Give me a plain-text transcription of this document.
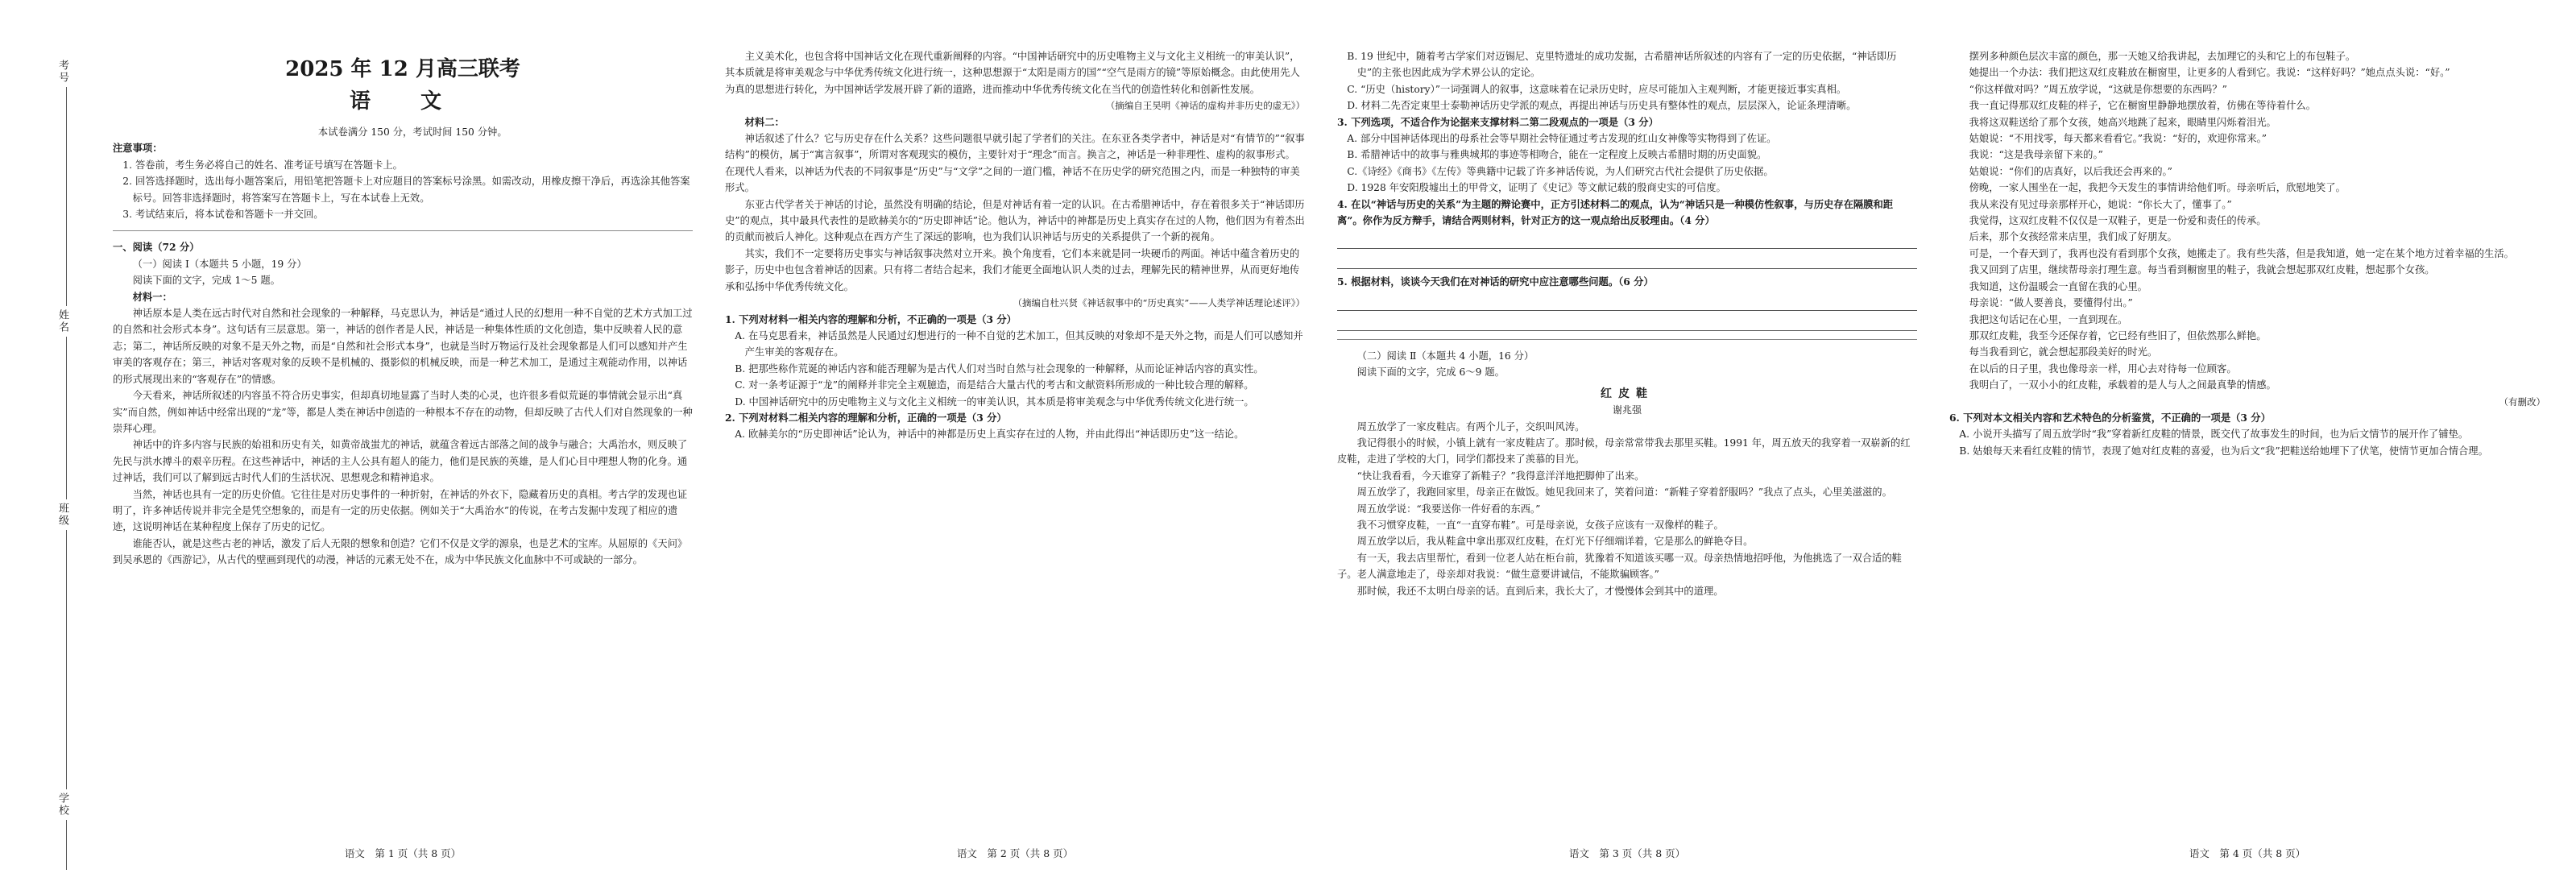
考号
姓名
班级
学校
2025 年 12 月高三联考
语　文

本试卷满分 150 分，考试时间 150 分钟。

注意事项：

1. 答卷前，考生务必将自己的姓名、准考证号填写在答题卡上。

2. 回答选择题时，选出每小题答案后，用铅笔把答题卡上对应题目的答案标号涂黑。如需改动，用橡皮擦干净后，再选涂其他答案标号。回答非选择题时，将答案写在答题卡上，写在本试卷上无效。

3. 考试结束后，将本试卷和答题卡一并交回。

一、阅读（72 分）

（一）阅读 Ⅰ（本题共 5 小题，19 分）

阅读下面的文字，完成 1～5 题。

材料一：

神话原本是人类在远古时代对自然和社会现象的一种解释，马克思认为，神话是“通过人民的幻想用一种不自觉的艺术方式加工过的自然和社会形式本身”。这句话有三层意思。第一，神话的创作者是人民，神话是一种集体性质的文化创造，集中反映着人民的意志；第二，神话所反映的对象不是天外之物，而是“自然和社会形式本身”，也就是当时万物运行及社会现象都是人们可以感知并产生审美的客观存在；第三，神话对客观对象的反映不是机械的、摄影似的机械反映，而是一种艺术加工，是通过主观能动作用，以神话的形式展现出来的“客观存在”的情感。

今天看来，神话所叙述的内容虽不符合历史事实，但却真切地显露了当时人类的心灵，也许很多看似荒诞的事情就会显示出“真实”而自然，例如神话中经常出现的“龙”等，都是人类在神话中创造的一种根本不存在的动物，但却反映了古代人们对自然现象的一种崇拜心理。

神话中的许多内容与民族的始祖和历史有关，如黄帝战蚩尤的神话，就蕴含着远古部落之间的战争与融合；大禹治水，则反映了先民与洪水搏斗的艰辛历程。在这些神话中，神话的主人公具有超人的能力，他们是民族的英雄，是人们心目中理想人物的化身。通过神话，我们可以了解到远古时代人们的生活状况、思想观念和精神追求。

当然，神话也具有一定的历史价值。它往往是对历史事件的一种折射，在神话的外衣下，隐藏着历史的真相。考古学的发现也证明了，许多神话传说并非完全是凭空想象的，而是有一定的历史依据。例如关于“大禹治水”的传说，在考古发掘中发现了相应的遗迹，这说明神话在某种程度上保存了历史的记忆。

谁能否认，就是这些古老的神话，激发了后人无限的想象和创造？它们不仅是文学的源泉，也是艺术的宝库。从屈原的《天问》到吴承恩的《西游记》，从古代的壁画到现代的动漫，神话的元素无处不在，成为中华民族文化血脉中不可或缺的一部分。

语文　第 1 页（共 8 页）

主义美术化，也包含将中国神话文化在现代重新阐释的内容。“中国神话研究中的历史唯物主义与文化主义相统一的审美认识”，其本质就是将审美观念与中华优秀传统文化进行统一，这种思想源于“太阳是雨方的国”“空气是雨方的镜”等原始概念。由此使用先人为真的思想进行转化，为中国神话学发展开辟了新的道路，进而推动中华优秀传统文化在当代的创造性转化和创新性发展。

（摘编自王昊明《神话的虚构并非历史的虚无》）

材料二：

神话叙述了什么？它与历史存在什么关系？这些问题很早就引起了学者们的关注。在东亚各类学者中，神话是对“有情节的”“叙事结构”的模仿，属于“寓言叙事”，所谓对客观现实的模仿，主要针对于“理念”而言。换言之，神话是一种非理性、虚构的叙事形式。在现代人看来，以神话为代表的不同叙事是“历史”与“文学”之间的一道门槛，神话不在历史学的研究范围之内，而是一种独特的审美形式。

东亚古代学者关于神话的讨论，虽然没有明确的结论，但是对神话有着一定的认识。在古希腊神话中，存在着很多关于“神话即历史”的观点，其中最具代表性的是欧赫美尔的“历史即神话”论。他认为，神话中的神都是历史上真实存在过的人物，他们因为有着杰出的贡献而被后人神化。这种观点在西方产生了深远的影响，也为我们认识神话与历史的关系提供了一个新的视角。

其实，我们不一定要将历史事实与神话叙事决然对立开来。换个角度看，它们本来就是同一块硬币的两面。神话中蕴含着历史的影子，历史中也包含着神话的因素。只有将二者结合起来，我们才能更全面地认识人类的过去，理解先民的精神世界，从而更好地传承和弘扬中华优秀传统文化。

（摘编自杜兴贤《神话叙事中的“历史真实”——人类学神话理论述评》）

1. 下列对材料一相关内容的理解和分析，不正确的一项是（3 分）

A. 在马克思看来，神话虽然是人民通过幻想进行的一种不自觉的艺术加工，但其反映的对象却不是天外之物，而是人们可以感知并产生审美的客观存在。

B. 把那些称作荒诞的神话内容和能否理解为是古代人们对当时自然与社会现象的一种解释，从而论证神话内容的真实性。

C. 对一条考证源于“龙”的阐释并非完全主观臆造，而是结合大量古代的考古和文献资料所形成的一种比较合理的解释。

D. 中国神话研究中的历史唯物主义与文化主义相统一的审美认识，其本质是将审美观念与中华优秀传统文化进行统一。

2. 下列对材料二相关内容的理解和分析，正确的一项是（3 分）

A. 欧赫美尔的“历史即神话”论认为，神话中的神都是历史上真实存在过的人物，并由此得出“神话即历史”这一结论。

语文　第 2 页（共 8 页）

B. 19 世纪中，随着考古学家们对迈锡尼、克里特遗址的成功发掘，古希腊神话所叙述的内容有了一定的历史依据，“神话即历史”的主张也因此成为学术界公认的定论。

C. “历史（history）”一词强调人的叙事，这意味着在记录历史时，应尽可能加入主观判断，才能更接近事实真相。

D. 材料二先否定東里士泰勒神话历史学派的观点，再提出神话与历史具有整体性的观点，层层深入，论证条理清晰。

3. 下列选项，不适合作为论据来支撑材料二第二段观点的一项是（3 分）

A. 部分中国神话体现出的母系社会等早期社会特征通过考古发现的红山女神像等实物得到了佐证。

B. 希腊神话中的故事与雅典城邦的事迹等相吻合，能在一定程度上反映古希腊时期的历史面貌。

C.《诗经》《商书》《左传》等典籍中记载了许多神话传说，为人们研究古代社会提供了历史依据。

D. 1928 年安阳殷墟出土的甲骨文，证明了《史记》等文献记载的殷商史实的可信度。

4. 在以“神话与历史的关系”为主题的辩论赛中，正方引述材料二的观点，认为“神话只是一种模仿性叙事，与历史存在隔膜和距离”。你作为反方辩手，请结合两则材料，针对正方的这一观点给出反驳理由。（4 分）

5. 根据材料，谈谈今天我们在对神话的研究中应注意哪些问题。（6 分）

（二）阅读 Ⅱ（本题共 4 小题，16 分）

阅读下面的文字，完成 6～9 题。

红皮鞋
谢兆强

周五放学了一家皮鞋店。有两个儿子，交织叫风涛。

我记得很小的时候，小镇上就有一家皮鞋店了。那时候，母亲常常带我去那里买鞋。1991 年，周五放天的我穿着一双崭新的红皮鞋，走进了学校的大门，同学们都投来了羡慕的目光。

“快让我看看，今天谁穿了新鞋子？”我得意洋洋地把脚伸了出来。

周五放学了，我跑回家里，母亲正在做饭。她见我回来了，笑着问道：“新鞋子穿着舒服吗？”我点了点头，心里美滋滋的。

周五放学说：“我要送你一件好看的东西。”

我不习惯穿皮鞋，一直“一直穿布鞋”。可是母亲说，女孩子应该有一双像样的鞋子。

周五放学以后，我从鞋盒中拿出那双红皮鞋，在灯光下仔细端详着，它是那么的鲜艳夺目。

有一天，我去店里帮忙，看到一位老人站在柜台前，犹豫着不知道该买哪一双。母亲热情地招呼他，为他挑选了一双合适的鞋子。老人满意地走了，母亲却对我说：“做生意要讲诚信，不能欺骗顾客。”

那时候，我还不太明白母亲的话。直到后来，我长大了，才慢慢体会到其中的道理。

语文　第 3 页（共 8 页）

摆列多种颜色层次丰富的颜色，那一天她又给我讲起，去加理它的头和它上的布包鞋子。

她提出一个办法：我们把这双红皮鞋放在橱窗里，让更多的人看到它。我说：“这样好吗？”她点点头说：“好。”

“你这样做对吗？”周五放学说，“这就是你想要的东西吗？”

我一直记得那双红皮鞋的样子，它在橱窗里静静地摆放着，仿佛在等待着什么。

我将这双鞋送给了那个女孩，她高兴地跳了起来，眼睛里闪烁着泪光。

姑娘说：“不用找零，每天都来看看它。”我说：“好的，欢迎你常来。”

我说：“这是我母亲留下来的。”

姑娘说：“你们的店真好，以后我还会再来的。”

傍晚，一家人围坐在一起，我把今天发生的事情讲给他们听。母亲听后，欣慰地笑了。

我从来没有见过母亲那样开心，她说：“你长大了，懂事了。”

我觉得，这双红皮鞋不仅仅是一双鞋子，更是一份爱和责任的传承。

后来，那个女孩经常来店里，我们成了好朋友。

可是，一个春天到了，我再也没有看到那个女孩，她搬走了。我有些失落，但是我知道，她一定在某个地方过着幸福的生活。

我又回到了店里，继续帮母亲打理生意。每当看到橱窗里的鞋子，我就会想起那双红皮鞋，想起那个女孩。

我知道，这份温暖会一直留在我的心里。

母亲说：“做人要善良，要懂得付出。”

我把这句话记在心里，一直到现在。

那双红皮鞋，我至今还保存着，它已经有些旧了，但依然那么鲜艳。

每当我看到它，就会想起那段美好的时光。

在以后的日子里，我也像母亲一样，用心去对待每一位顾客。

我明白了，一双小小的红皮鞋，承载着的是人与人之间最真挚的情感。

（有删改）

6. 下列对本文相关内容和艺术特色的分析鉴赏，不正确的一项是（3 分）

A. 小说开头描写了周五放学时“我”穿着新红皮鞋的情景，既交代了故事发生的时间，也为后文情节的展开作了铺垫。

B. 姑娘每天来看红皮鞋的情节，表现了她对红皮鞋的喜爱，也为后文“我”把鞋送给她埋下了伏笔，使情节更加合情合理。

语文　第 4 页（共 8 页）
